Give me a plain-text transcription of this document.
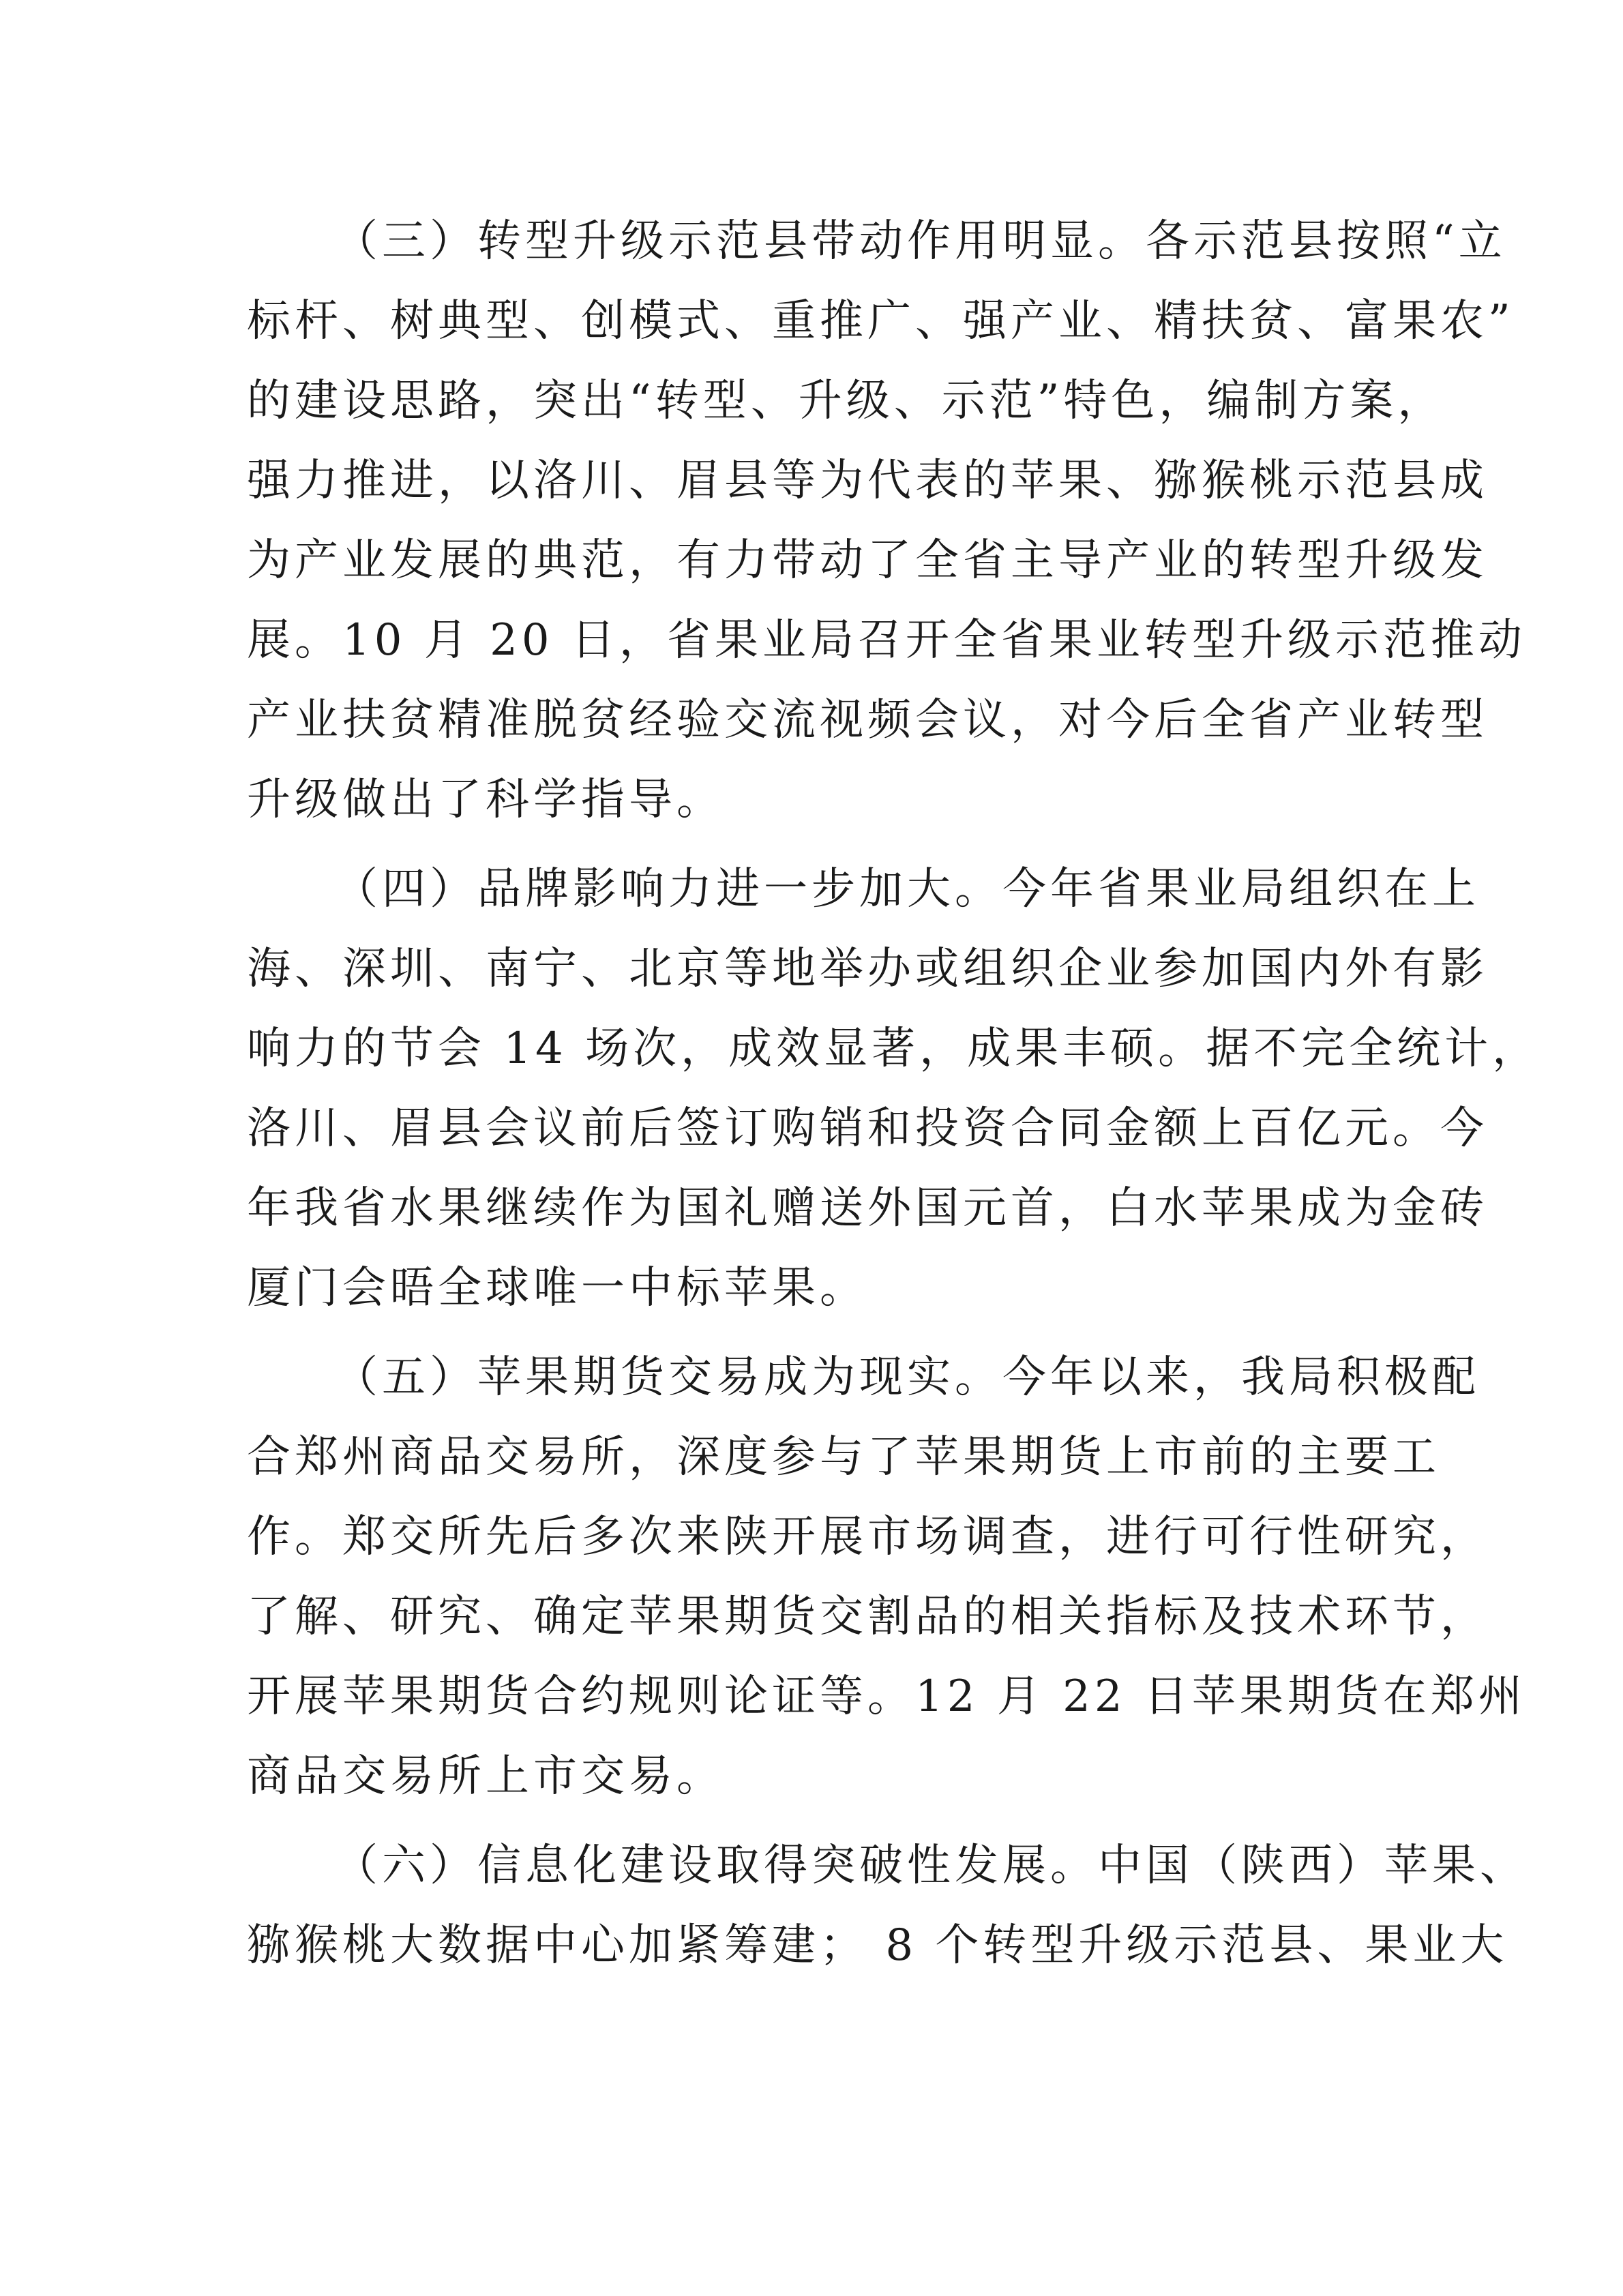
（三）转型升级示范县带动作用明显。各示范县按照“立
标杆、树典型、创模式、重推广、强产业、精扶贫、富果农”
的建设思路，突出“转型、升级、示范”特色，编制方案，
强力推进，以洛川、眉县等为代表的苹果、猕猴桃示范县成
为产业发展的典范，有力带动了全省主导产业的转型升级发
展。10 月 20 日，省果业局召开全省果业转型升级示范推动
产业扶贫精准脱贫经验交流视频会议，对今后全省产业转型
升级做出了科学指导。
（四）品牌影响力进一步加大。今年省果业局组织在上
海、深圳、南宁、北京等地举办或组织企业参加国内外有影
响力的节会 14 场次，成效显著，成果丰硕。据不完全统计，
洛川、眉县会议前后签订购销和投资合同金额上百亿元。今
年我省水果继续作为国礼赠送外国元首，白水苹果成为金砖
厦门会晤全球唯一中标苹果。
（五）苹果期货交易成为现实。今年以来，我局积极配
合郑州商品交易所，深度参与了苹果期货上市前的主要工
作。郑交所先后多次来陕开展市场调查，进行可行性研究，
了解、研究、确定苹果期货交割品的相关指标及技术环节，
开展苹果期货合约规则论证等。12 月 22 日苹果期货在郑州
商品交易所上市交易。
（六）信息化建设取得突破性发展。中国（陕西）苹果、
猕猴桃大数据中心加紧筹建； 8 个转型升级示范县、果业大
